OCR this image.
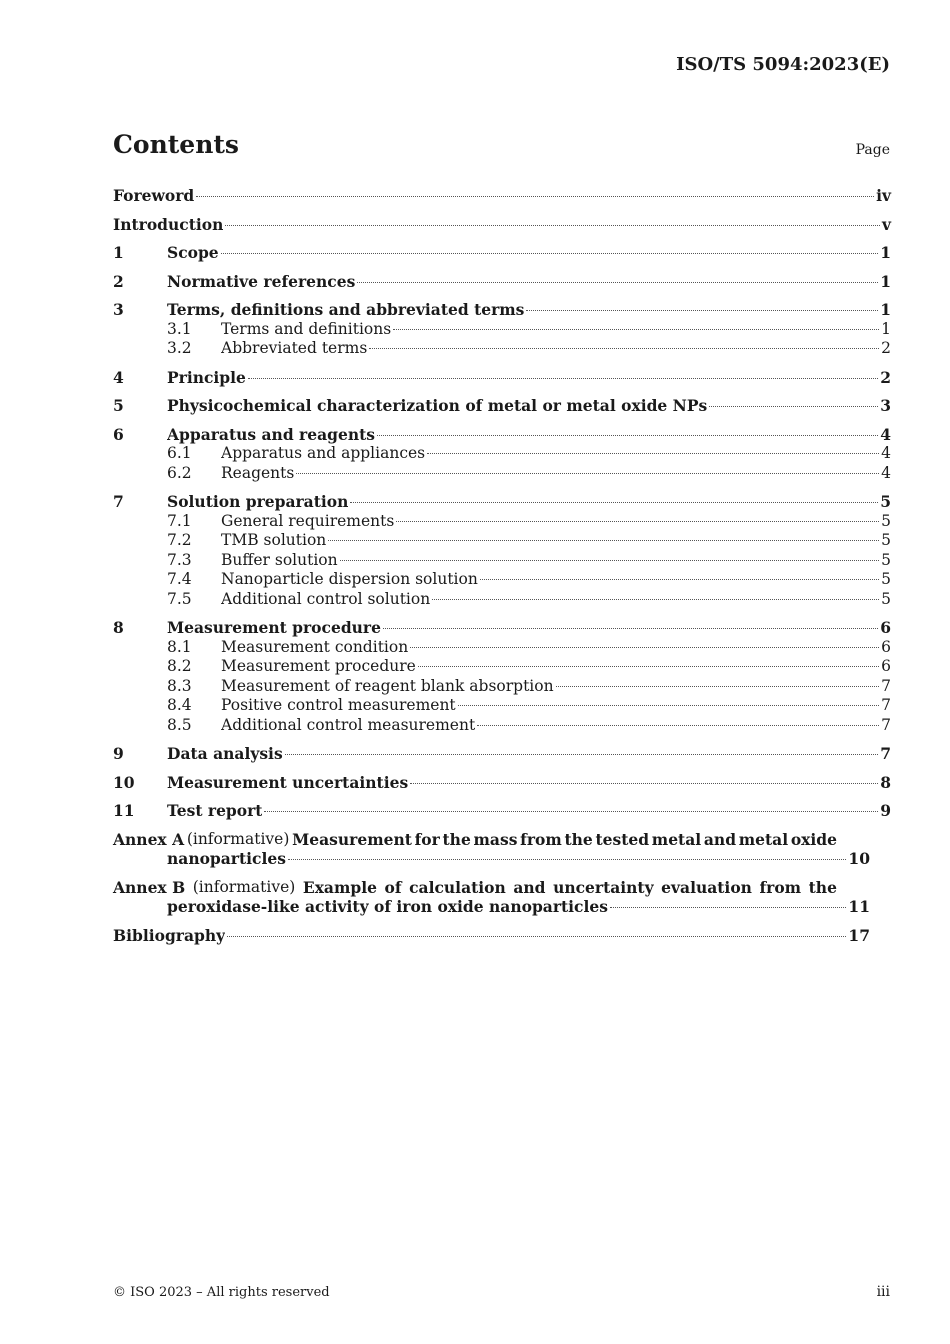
ISO/TS 5094:2023(E)
Contents	Page
Foreword	iv
Introduction	v
1	Scope	1
2	Normative references	1
3	Terms, definitions and abbreviated terms	1
3.1	Terms and definitions	1
3.2	Abbreviated terms	2
4	Principle	2
5	Physicochemical characterization of metal or metal oxide NPs	3
6	Apparatus and reagents	4
6.1	Apparatus and appliances	4
6.2	Reagents	4
7	Solution preparation	5
7.1	General requirements	5
7.2	TMB solution	5
7.3	Buffer solution	5
7.4	Nanoparticle dispersion solution	5
7.5	Additional control solution	5
8	Measurement procedure	6
8.1	Measurement condition	6
8.2	Measurement procedure	6
8.3	Measurement of reagent blank absorption	7
8.4	Positive control measurement	7
8.5	Additional control measurement	7
9	Data analysis	7
10	Measurement uncertainties	8
11	Test report	9
Annex A (informative) Measurement for the mass from the tested metal and metal oxide
nanoparticles	10
Annex B (informative) Example of calculation and uncertainty evaluation from the
peroxidase-like activity of iron oxide nanoparticles	11
Bibliography	17
© ISO 2023 – All rights reserved	iii
